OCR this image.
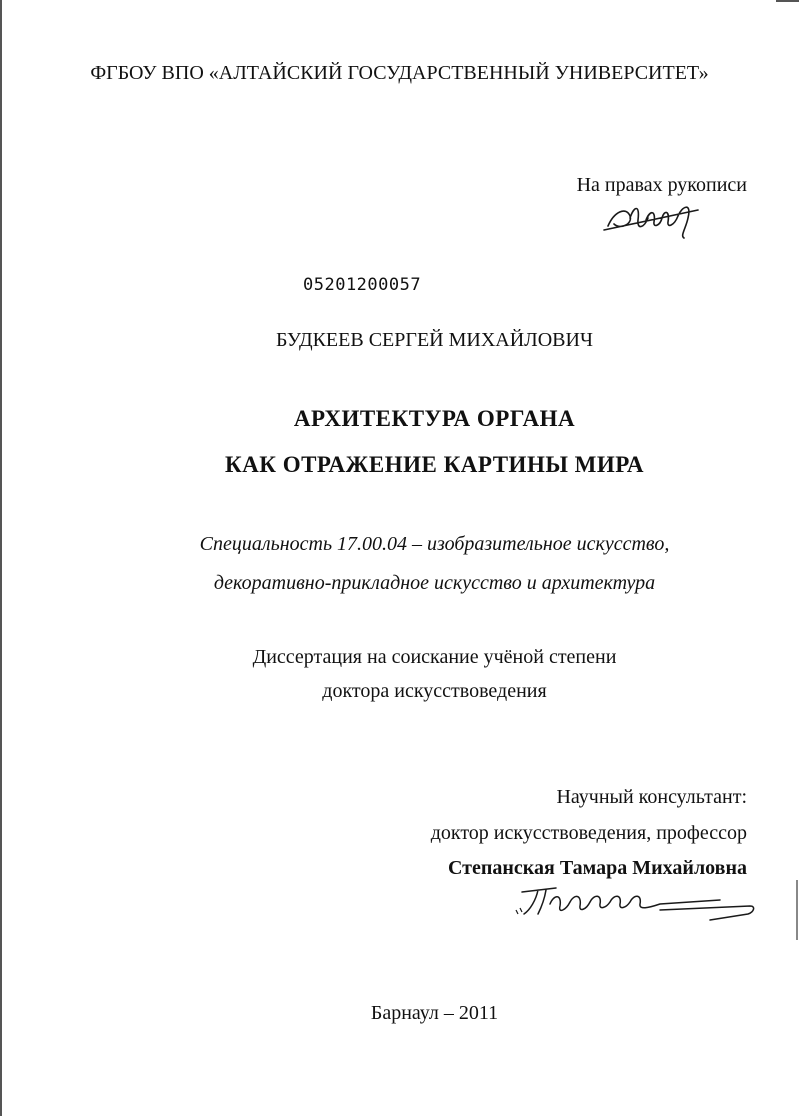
ФГБОУ ВПО «АЛТАЙСКИЙ ГОСУДАРСТВЕННЫЙ УНИВЕРСИТЕТ»
На правах рукописи
05201200057
БУДКЕЕВ СЕРГЕЙ МИХАЙЛОВИЧ
АРХИТЕКТУРА ОРГАНА
КАК ОТРАЖЕНИЕ КАРТИНЫ МИРА
Специальность 17.00.04 – изобразительное искусство,
декоративно-прикладное искусство и архитектура
Диссертация на соискание учёной степени
доктора искусствоведения
Научный консультант:
доктор искусствоведения, профессор
Степанская Тамара Михайловна
Барнаул – 2011
